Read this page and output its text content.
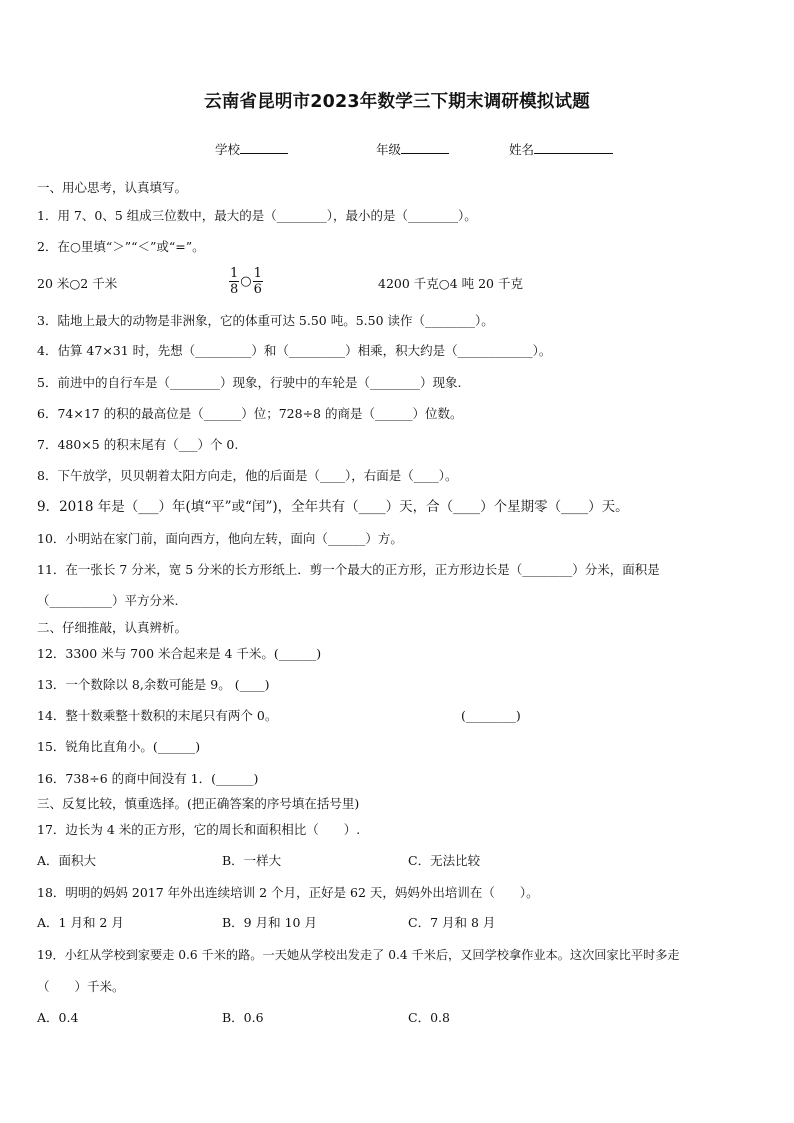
云南省昆明市2023年数学三下期末调研模拟试题
学校	年级	姓名
一、用心思考，认真填写。
1．用 7、0、5 组成三位数中，最大的是（________），最小的是（________）。
2．在○里填“＞”“＜”或“=”。
20 米○2 千米	$\frac{1}{8}$ ○ $\frac{1}{6}$	4200 千克○4 吨 20 千克
3．陆地上最大的动物是非洲象，它的体重可达 5.50 吨。5.50 读作（________）。
4．估算 47×31 时，先想（_________）和（_________）相乘，积大约是（____________）。
5．前进中的自行车是（________）现象，行驶中的车轮是（________）现象.
6．74×17 的积的最高位是（______）位；728÷8 的商是（______）位数。
7．480×5 的积末尾有（___）个 0.
8．下午放学，贝贝朝着太阳方向走，他的后面是（____），右面是（____）。
9．2018 年是（___）年(填“平”或“闰”)，全年共有（____）天，合（____）个星期零（____）天。
10．小明站在家门前，面向西方，他向左转，面向（______）方。
11．在一张长 7 分米，宽 5 分米的长方形纸上．剪一个最大的正方形，正方形边长是（________）分米，面积是
（__________）平方分米.
二、仔细推敲，认真辨析。
12．3300 米与 700 米合起来是 4 千米。(______)
13．一个数除以 8,余数可能是 9。 (____)
14．整十数乘整十数积的末尾只有两个 0。	(________)
15．锐角比直角小。(______)
16．738÷6 的商中间没有 1．(______)
三、反复比较，慎重选择。(把正确答案的序号填在括号里)
17．边长为 4 米的正方形，它的周长和面积相比（　　）.
A．面积大	B．一样大	C．无法比较
18．明明的妈妈 2017 年外出连续培训 2 个月，正好是 62 天，妈妈外出培训在（　　）。
A．1 月和 2 月	B．9 月和 10 月	C．7 月和 8 月
19．小红从学校到家要走 0.6 千米的路。一天她从学校出发走了 0.4 千米后，又回学校拿作业本。这次回家比平时多走
（　　）千米。
A．0.4	B．0.6	C．0.8
